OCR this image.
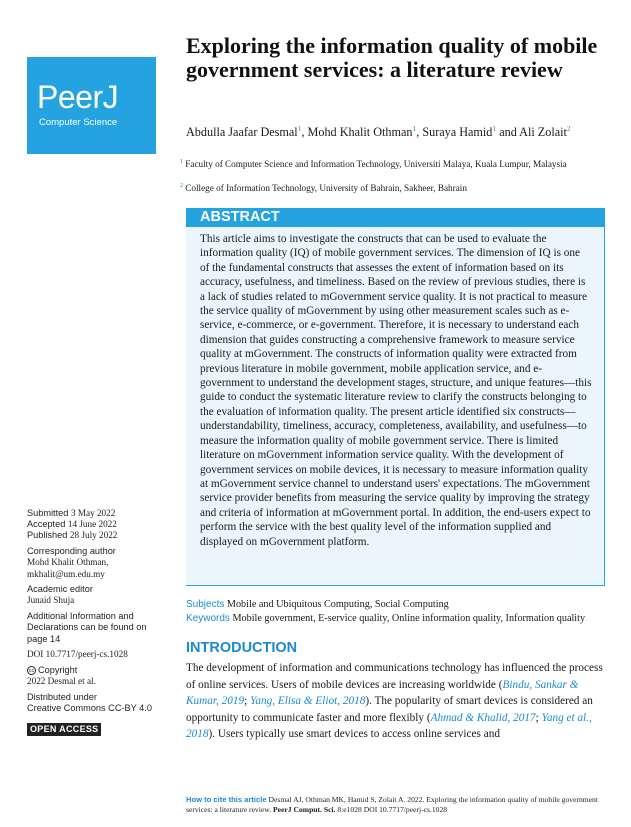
PeerJ
Computer Science
Exploring the information quality of mobile government services: a literature review
Abdulla Jaafar Desmal$^1$, Mohd Khalit Othman$^1$, Suraya Hamid$^1$ and Ali Zolait$^2$
$^1$ Faculty of Computer Science and Information Technology, Universiti Malaya, Kuala Lumpur, Malaysia
$^2$ College of Information Technology, University of Bahrain, Sakheer, Bahrain
ABSTRACT
This article aims to investigate the constructs that can be used to evaluate the information quality (IQ) of mobile government services. The dimension of IQ is one of the fundamental constructs that assesses the extent of information based on its accuracy, usefulness, and timeliness. Based on the review of previous studies, there is a lack of studies related to mGovernment service quality. It is not practical to measure the service quality of mGovernment by using other measurement scales such as e-service, e-commerce, or e-government. Therefore, it is necessary to understand each dimension that guides constructing a comprehensive framework to measure service quality at mGovernment. The constructs of information quality were extracted from previous literature in mobile government, mobile application service, and e-government to understand the development stages, structure, and unique features—this guide to conduct the systematic literature review to clarify the constructs belonging to the evaluation of information quality. The present article identified six constructs—understandability, timeliness, accuracy, completeness, availability, and usefulness—to measure the information quality of mobile government service. There is limited literature on mGovernment information service quality. With the development of government services on mobile devices, it is necessary to measure information quality at mGovernment service channel to understand users' expectations. The mGovernment service provider benefits from measuring the service quality by improving the strategy and criteria of information at mGovernment portal. In addition, the end-users expect to perform the service with the best quality level of the information supplied and displayed on mGovernment platform.
Subjects Mobile and Ubiquitous Computing, Social Computing
Keywords Mobile government, E-service quality, Online information quality, Information quality
INTRODUCTION
The development of information and communications technology has influenced the process of online services. Users of mobile devices are increasing worldwide (Bindu, Sankar & Kumar, 2019; Yang, Elisa & Eliot, 2018). The popularity of smart devices is considered an opportunity to communicate faster and more flexibly (Ahmad & Khalid, 2017; Yang et al., 2018). Users typically use smart devices to access online services and
Submitted 3 May 2022
Accepted 14 June 2022
Published 28 July 2022
Corresponding author
Mohd Khalit Othman,
mkhalit@um.edu.my
Academic editor
Junaid Shuja
Additional Information and Declarations can be found on page 14
DOI 10.7717/peerj-cs.1028
cc Copyright
2022 Desmal et al.
Distributed under
Creative Commons CC-BY 4.0
OPEN ACCESS
How to cite this article Desmal AJ, Othman MK, Hamid S, Zolait A. 2022. Exploring the information quality of mobile government services: a literature review. PeerJ Comput. Sci. 8:e1028 DOI 10.7717/peerj-cs.1028
